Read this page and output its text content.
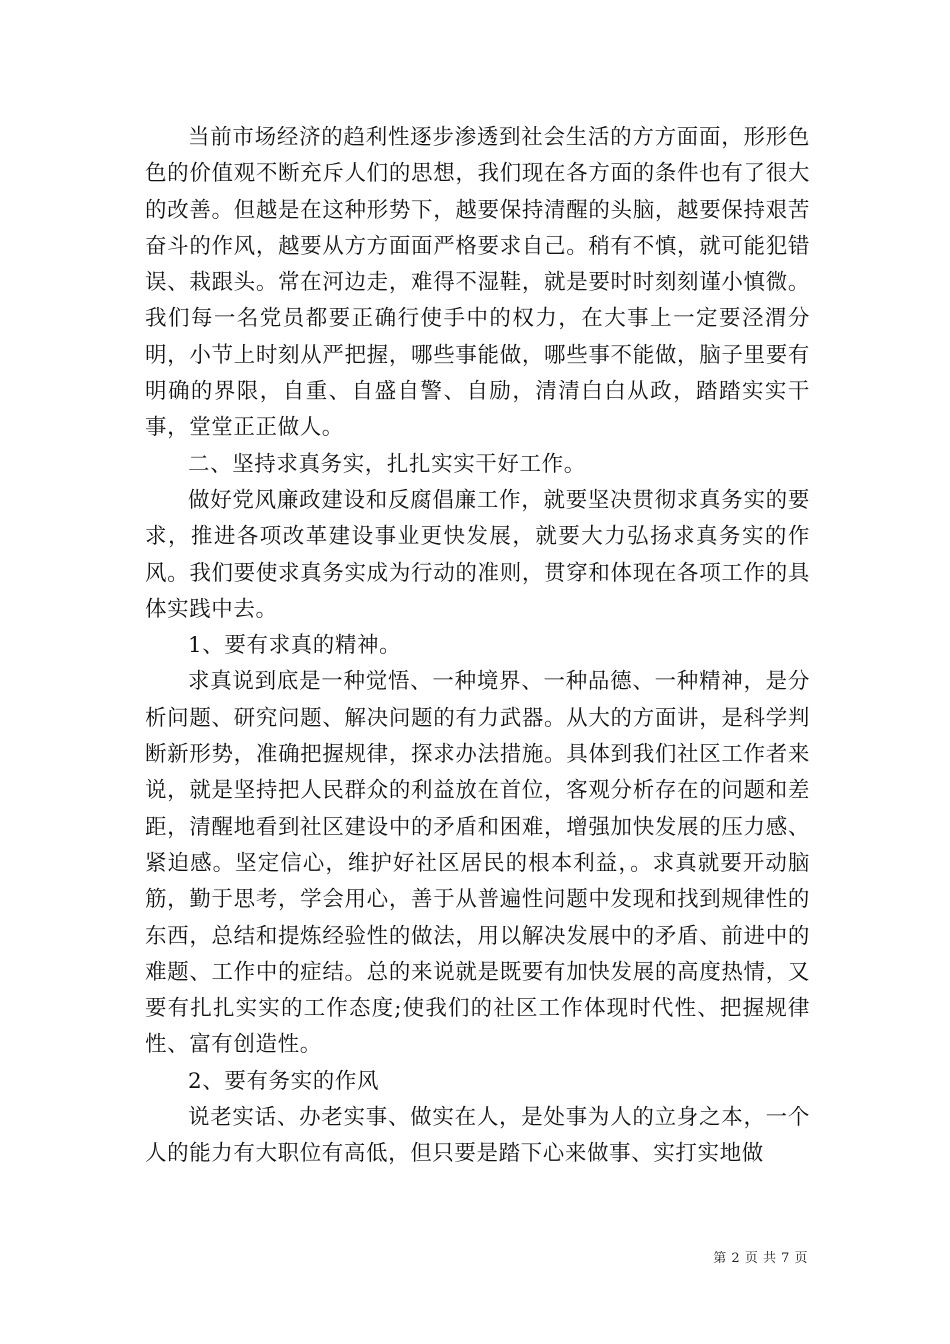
当前市场经济的趋利性逐步渗透到社会生活的方方面面，形形色色的价值观不断充斥人们的思想，我们现在各方面的条件也有了很大的改善。但越是在这种形势下，越要保持清醒的头脑，越要保持艰苦奋斗的作风，越要从方方面面严格要求自己。稍有不慎，就可能犯错误、栽跟头。常在河边走，难得不湿鞋，就是要时时刻刻谨小慎微。我们每一名党员都要正确行使手中的权力，在大事上一定要泾渭分明，小节上时刻从严把握，哪些事能做，哪些事不能做，脑子里要有明确的界限，自重、自盛自警、自励，清清白白从政，踏踏实实干事，堂堂正正做人。

二、坚持求真务实，扎扎实实干好工作。

做好党风廉政建设和反腐倡廉工作，就要坚决贯彻求真务实的要求，推进各项改革建设事业更快发展，就要大力弘扬求真务实的作风。我们要使求真务实成为行动的准则，贯穿和体现在各项工作的具体实践中去。

1、要有求真的精神。

求真说到底是一种觉悟、一种境界、一种品德、一种精神，是分析问题、研究问题、解决问题的有力武器。从大的方面讲，是科学判断新形势，准确把握规律，探求办法措施。具体到我们社区工作者来说，就是坚持把人民群众的利益放在首位，客观分析存在的问题和差距，清醒地看到社区建设中的矛盾和困难，增强加快发展的压力感、紧迫感。坚定信心，维护好社区居民的根本利益，。求真就要开动脑筋，勤于思考，学会用心，善于从普遍性问题中发现和找到规律性的东西，总结和提炼经验性的做法，用以解决发展中的矛盾、前进中的难题、工作中的症结。总的来说就是既要有加快发展的高度热情，又要有扎扎实实的工作态度;使我们的社区工作体现时代性、把握规律性、富有创造性。

2、要有务实的作风

说老实话、办老实事、做实在人，是处事为人的立身之本，一个人的能力有大职位有高低，但只要是踏下心来做事、实打实地做

第 2 页 共 7 页
